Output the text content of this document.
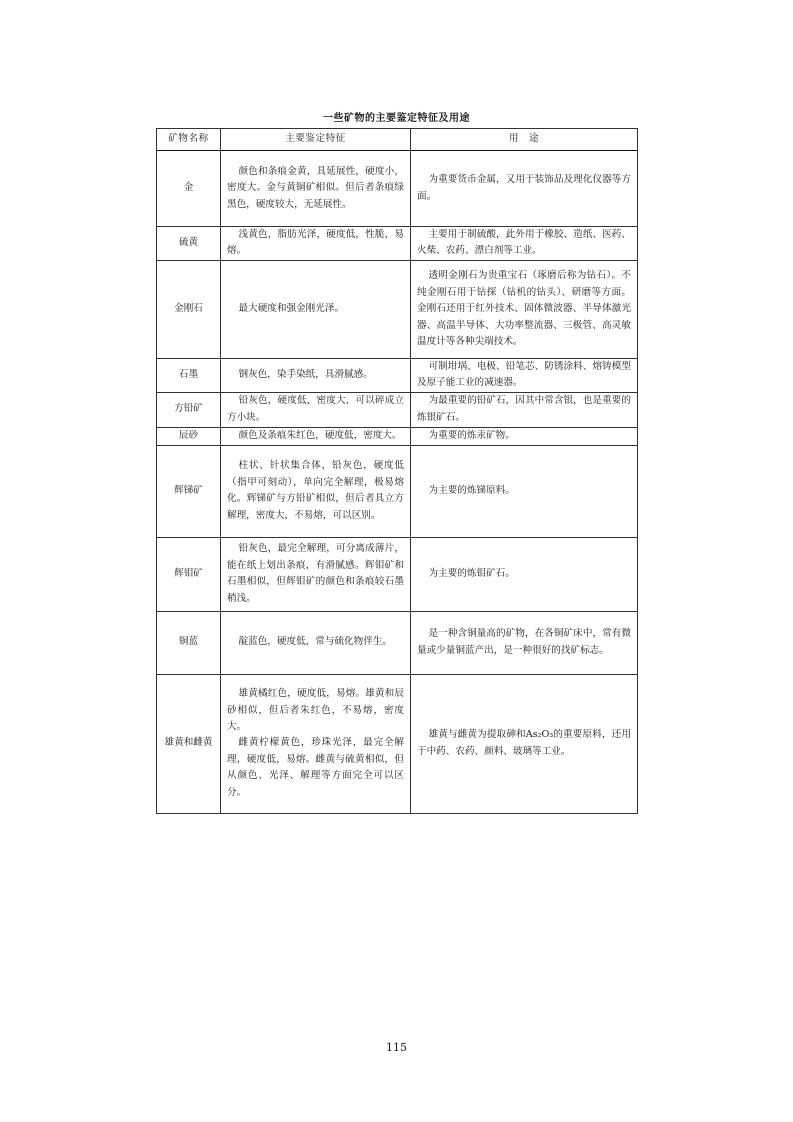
一些矿物的主要鉴定特征及用途
矿物名称	主要鉴定特征	用　途
金	颜色和条痕金黄，具延展性，硬度小，密度大。金与黄铜矿相似。但后者条痕绿黑色，硬度较大，无延展性。	为重要货币金属，又用于装饰品及理化仪器等方面。

硫黄	浅黄色，脂肪光泽，硬度低，性脆，易熔。	主要用于制硫酸，此外用于橡胶、造纸、医药、火柴、农药、漂白剂等工业。

金刚石	最大硬度和强金刚光泽。	透明金刚石为贵重宝石（琢磨后称为钻石）。不纯金刚石用于钻探（钻机的钻头）、研磨等方面。金刚石还用于红外技术、固体微波器、半导体激光器、高温半导体、大功率整流器、三极管、高灵敏温度计等各种尖端技术。

石墨	钢灰色，染手染纸，具滑腻感。	可制坩埚、电极、铅笔芯、防锈涂料、熔铸模型及原子能工业的减速器。

方铅矿	铅灰色，硬度低，密度大，可以碎成立方小块。	为最重要的铅矿石，因其中常含银，也是重要的炼银矿石。

辰砂	颜色及条痕朱红色，硬度低，密度大。	为重要的炼汞矿物。

辉锑矿	柱状、针状集合体，铅灰色，硬度低（指甲可刻动），单向完全解理，极易熔化。辉锑矿与方铅矿相似，但后者具立方解理，密度大，不易熔，可以区别。	为主要的炼锑原料。

辉钼矿	铅灰色，最完全解理，可分离成薄片，能在纸上划出条痕，有滑腻感。辉钼矿和石墨相似，但辉钼矿的颜色和条痕较石墨稍浅。	为主要的炼钼矿石。

铜蓝	靛蓝色，硬度低，常与硫化物伴生。	是一种含铜量高的矿物，在各铜矿床中，常有微量或少量铜蓝产出，是一种很好的找矿标志。

雄黄和雌黄	雄黄橘红色，硬度低，易熔。雄黄和辰砂相似，但后者朱红色，不易熔，密度大。
雌黄柠檬黄色，珍珠光泽，最完全解理，硬度低，易熔。雌黄与硫黄相似，但从颜色、光泽、解理等方面完全可以区分。	雄黄与雌黄为提取砷和As₂O₃的重要原料，还用于中药、农药、颜料、玻璃等工业。
115
